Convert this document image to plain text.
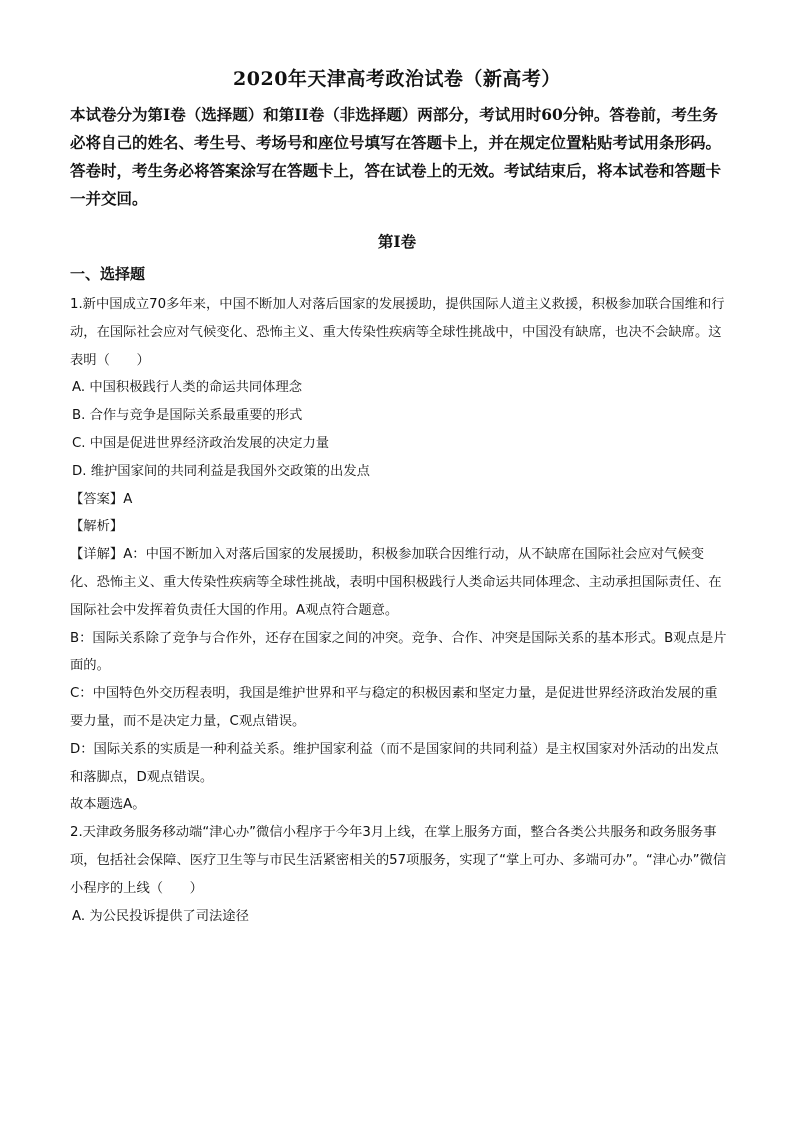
2020年天津高考政治试卷（新高考）
本试卷分为第I卷（选择题）和第II卷（非选择题）两部分，考试用时60分钟。答卷前，考生务必将自己的姓名、考生号、考场号和座位号填写在答题卡上，并在规定位置粘贴考试用条形码。答卷时，考生务必将答案涂写在答题卡上，答在试卷上的无效。考试结束后，将本试卷和答题卡一并交回。
第I卷
一、选择题

1.新中国成立70多年来，中国不断加人对落后国家的发展援助，提供国际人道主义救援，积极参加联合国维和行动，在国际社会应对气候变化、恐怖主义、重大传染性疾病等全球性挑战中，中国没有缺席，也决不会缺席。这表明（　　）

A. 中国积极践行人类的命运共同体理念

B. 合作与竞争是国际关系最重要的形式

C. 中国是促进世界经济政治发展的决定力量

D. 维护国家间的共同利益是我国外交政策的出发点

【答案】A

【解析】

【详解】A：中国不断加入对落后国家的发展援助，积极参加联合因维行动，从不缺席在国际社会应对气候变化、恐怖主义、重大传染性疾病等全球性挑战，表明中国积极践行人类命运共同体理念、主动承担国际责任、在国际社会中发挥着负责任大国的作用。A观点符合题意。

B：国际关系除了竞争与合作外，还存在国家之间的冲突。竞争、合作、冲突是国际关系的基本形式。B观点是片面的。

C：中国特色外交历程表明，我国是维护世界和平与稳定的积极因素和坚定力量，是促进世界经济政治发展的重要力量，而不是决定力量，C观点错误。

D：国际关系的实质是一种利益关系。维护国家利益（而不是国家间的共同利益）是主权国家对外活动的出发点和落脚点，D观点错误。

故本题选A。

2.天津政务服务移动端“津心办”微信小程序于今年3月上线，在掌上服务方面，整合各类公共服务和政务服务事项，包括社会保障、医疗卫生等与市民生活紧密相关的57项服务，实现了“掌上可办、多端可办”。“津心办”微信小程序的上线（　　）

A. 为公民投诉提供了司法途径
